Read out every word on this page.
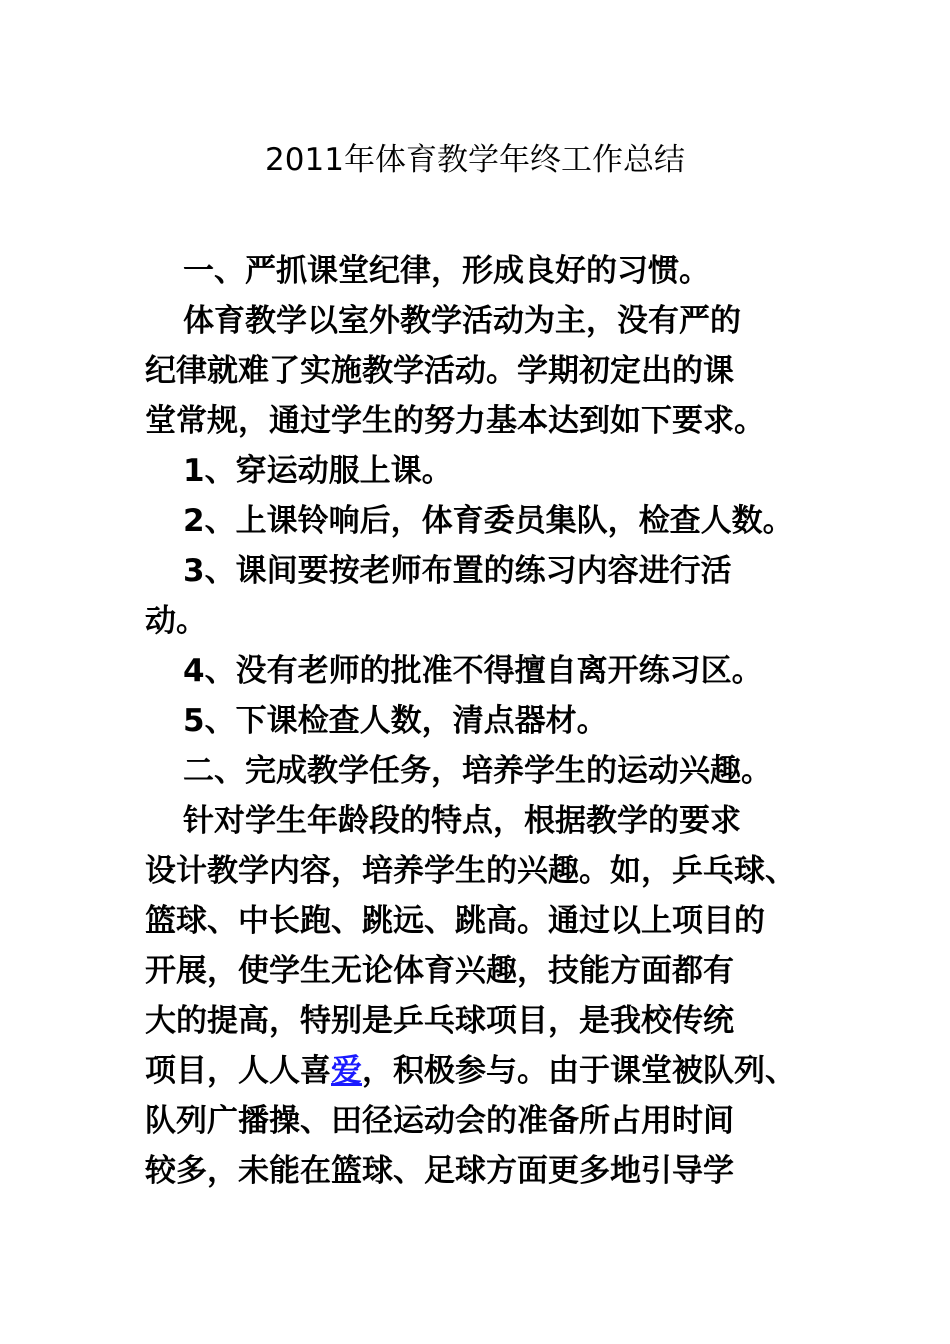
2011年体育教学年终工作总结
一、严抓课堂纪律，形成良好的习惯。
体育教学以室外教学活动为主，没有严的
纪律就难了实施教学活动。学期初定出的课
堂常规，通过学生的努力基本达到如下要求。
1、穿运动服上课。
2、上课铃响后，体育委员集队，检查人数。
3、课间要按老师布置的练习内容进行活
动。
4、没有老师的批准不得擅自离开练习区。
5、下课检查人数，清点器材。
二、完成教学任务，培养学生的运动兴趣。
针对学生年龄段的特点，根据教学的要求
设计教学内容，培养学生的兴趣。如，乒乓球、
篮球、中长跑、跳远、跳高。通过以上项目的
开展，使学生无论体育兴趣，技能方面都有
大的提高，特别是乒乓球项目，是我校传统
项目，人人喜爱，积极参与。由于课堂被队列、
队列广播操、田径运动会的准备所占用时间
较多，未能在篮球、足球方面更多地引导学
